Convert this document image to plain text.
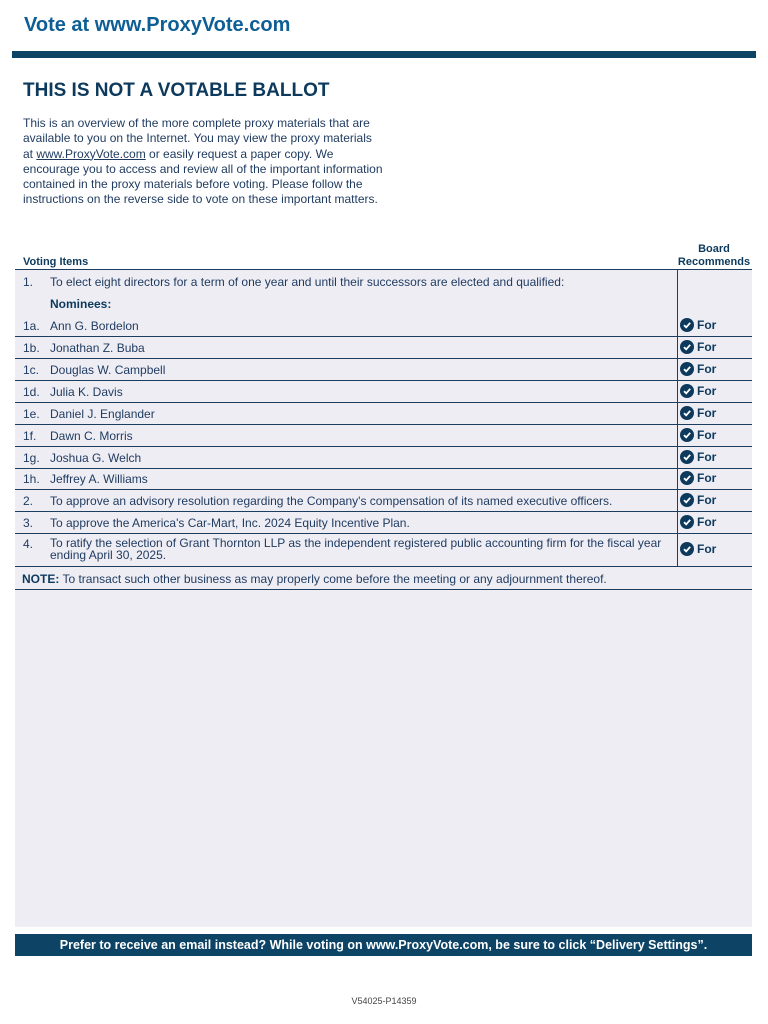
Vote at www.ProxyVote.com
THIS IS NOT A VOTABLE BALLOT
This is an overview of the more complete proxy materials that are available to you on the Internet. You may view the proxy materials at www.ProxyVote.com or easily request a paper copy. We encourage you to access and review all of the important information contained in the proxy materials before voting. Please follow the instructions on the reverse side to vote on these important matters.
Voting Items
Board
Recommends
1. To elect eight directors for a term of one year and until their successors are elected and qualified:
Nominees:
1a. Ann G. Bordelon	For
1b. Jonathan Z. Buba	For
1c. Douglas W. Campbell	For
1d. Julia K. Davis	For
1e. Daniel J. Englander	For
1f. Dawn C. Morris	For
1g. Joshua G. Welch	For
1h. Jeffrey A. Williams	For
2. To approve an advisory resolution regarding the Company's compensation of its named executive officers.	For
3. To approve the America's Car-Mart, Inc. 2024 Equity Incentive Plan.	For
4. To ratify the selection of Grant Thornton LLP as the independent registered public accounting firm for the fiscal year
ending April 30, 2025.	For
NOTE: To transact such other business as may properly come before the meeting or any adjournment thereof.
Prefer to receive an email instead? While voting on www.ProxyVote.com, be sure to click “Delivery Settings”.
V54025-P14359
